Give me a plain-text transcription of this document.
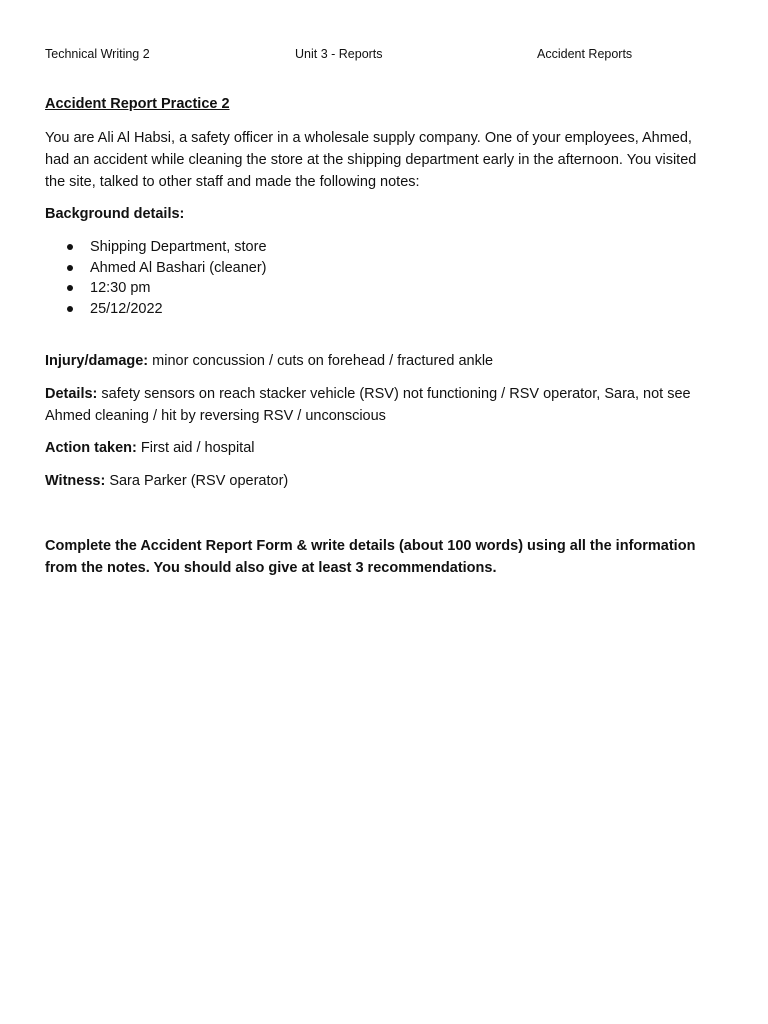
Technical Writing 2	Unit 3 - Reports	Accident Reports
Accident Report Practice 2
You are Ali Al Habsi, a safety officer in a wholesale supply company. One of your employees, Ahmed, had an accident while cleaning the store at the shipping department early in the afternoon. You visited the site, talked to other staff and made the following notes:
Background details:
Shipping Department, store
Ahmed Al Bashari (cleaner)
12:30 pm
25/12/2022
Injury/damage: minor concussion / cuts on forehead / fractured ankle
Details: safety sensors on reach stacker vehicle (RSV) not functioning / RSV operator, Sara, not see Ahmed cleaning / hit by reversing RSV / unconscious
Action taken: First aid / hospital
Witness: Sara Parker (RSV operator)
Complete the Accident Report Form & write details (about 100 words) using all the information from the notes. You should also give at least 3 recommendations.
